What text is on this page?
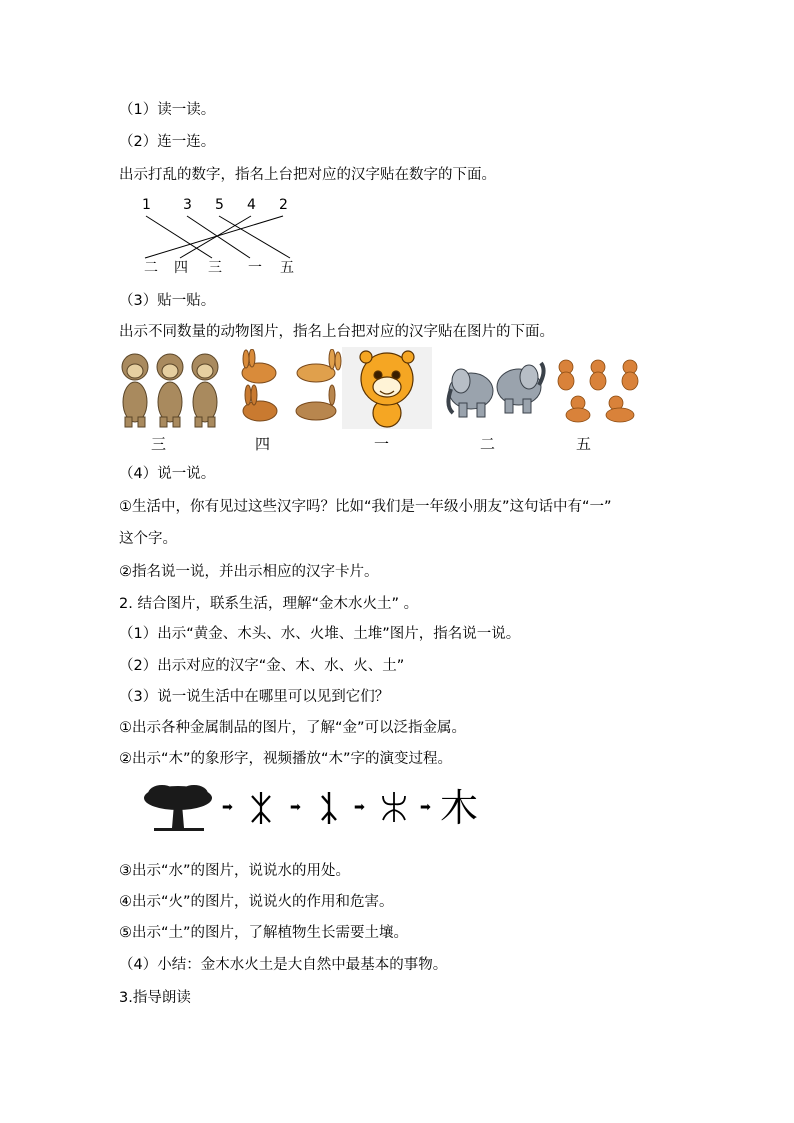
（1）读一读。
（2）连一连。
出示打乱的数字，指名上台把对应的汉字贴在数字的下面。
1 3 5 4 2
二 四 三 一 五
（3）贴一贴。
出示不同数量的动物图片，指名上台把对应的汉字贴在图片的下面。
三	四	一	二	五
（4）说一说。
①生活中，你有见过这些汉字吗？比如“我们是一年级小朋友”这句话中有“一”
这个字。
②指名说一说，并出示相应的汉字卡片。
2. 结合图片，联系生活，理解“金木水火土” 。
（1）出示“黄金、木头、水、火堆、土堆”图片，指名说一说。
（2）出示对应的汉字“金、木、水、火、土”
（3）说一说生活中在哪里可以见到它们？
①出示各种金属制品的图片，了解“金”可以泛指金属。
②出示“木”的象形字，视频播放“木”字的演变过程。
➡	➡	➡	➡ 木
③出示“水”的图片，说说水的用处。
④出示“火”的图片，说说火的作用和危害。
⑤出示“土”的图片，了解植物生长需要土壤。
（4）小结：金木水火土是大自然中最基本的事物。
3.指导朗读
